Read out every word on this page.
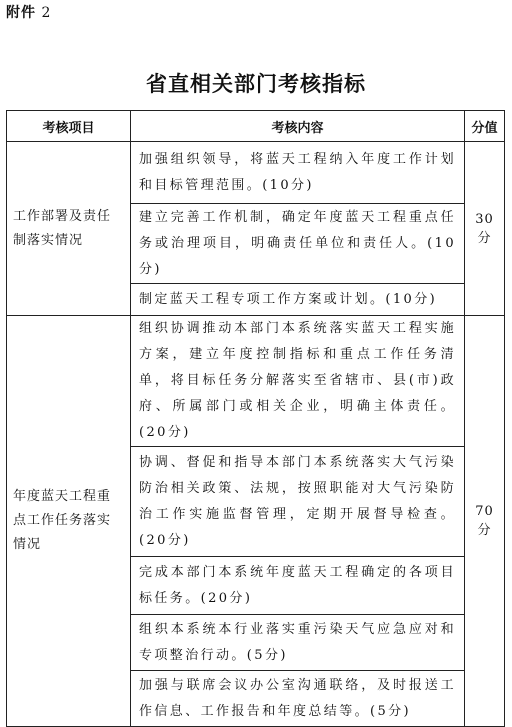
附件 2
省直相关部门考核指标
考核项目	考核内容	分值
工作部署及责任制落实情况	加强组织领导，将蓝天工程纳入年度工作计划和目标管理范围。(10分)	30 分
	建立完善工作机制，确定年度蓝天工程重点任务或治理项目，明确责任单位和责任人。(10分)	
	制定蓝天工程专项工作方案或计划。(10分)	
年度蓝天工程重点工作任务落实情况	组织协调推动本部门本系统落实蓝天工程实施方案，建立年度控制指标和重点工作任务清单，将目标任务分解落实至省辖市、县(市)政府、所属部门或相关企业，明确主体责任。(20分)	70 分
	协调、督促和指导本部门本系统落实大气污染防治相关政策、法规，按照职能对大气污染防治工作实施监督管理，定期开展督导检查。(20分)	
	完成本部门本系统年度蓝天工程确定的各项目标任务。(20分)	
	组织本系统本行业落实重污染天气应急应对和专项整治行动。(5分)	
	加强与联席会议办公室沟通联络，及时报送工作信息、工作报告和年度总结等。(5分)	
